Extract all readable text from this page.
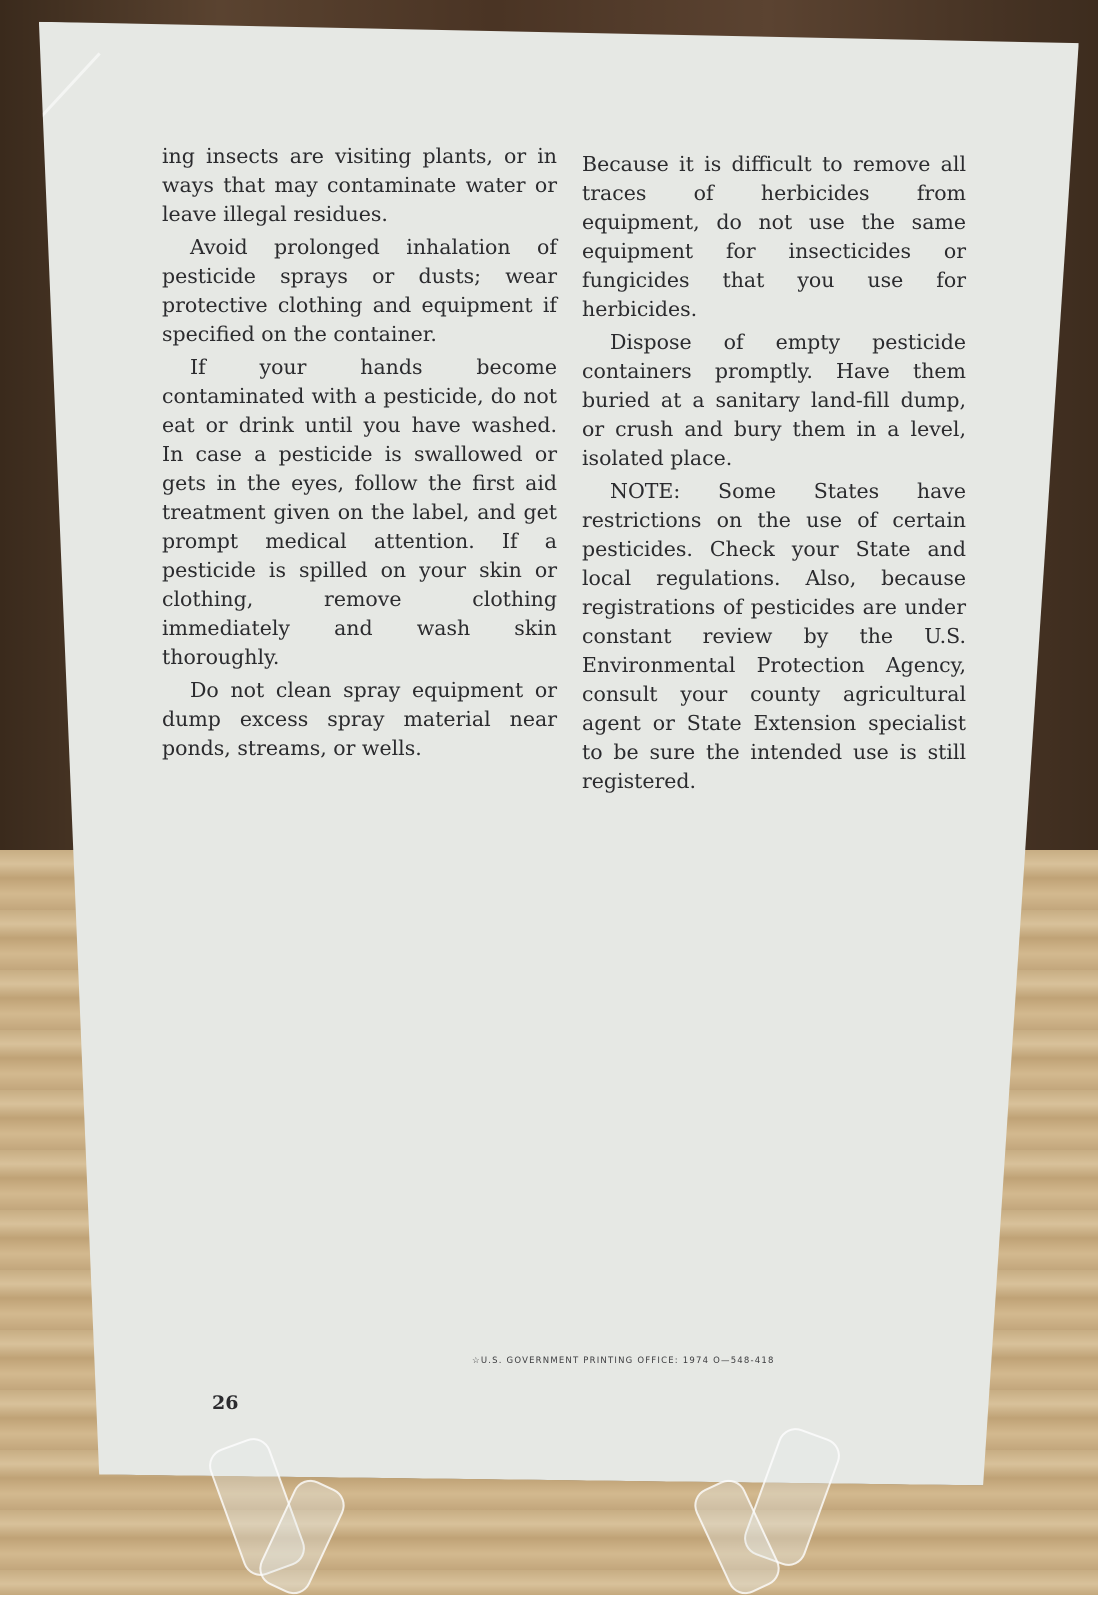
ing insects are visiting plants, or in ways that may contaminate water or leave illegal residues.

Avoid prolonged inhalation of pesticide sprays or dusts; wear protective clothing and equipment if specified on the container.

If your hands become contaminated with a pesticide, do not eat or drink until you have washed. In case a pesticide is swallowed or gets in the eyes, follow the first aid treatment given on the label, and get prompt medical attention. If a pesticide is spilled on your skin or clothing, remove clothing immediately and wash skin thoroughly.

Do not clean spray equipment or dump excess spray material near ponds, streams, or wells.

Because it is difficult to remove all traces of herbicides from equipment, do not use the same equipment for insecticides or fungicides that you use for herbicides.

Dispose of empty pesticide containers promptly. Have them buried at a sanitary land-fill dump, or crush and bury them in a level, isolated place.

NOTE: Some States have restrictions on the use of certain pesticides. Check your State and local regulations. Also, because registrations of pesticides are under constant review by the U.S. Environmental Protection Agency, consult your county agricultural agent or State Extension specialist to be sure the intended use is still registered.

☆U.S. GOVERNMENT PRINTING OFFICE: 1974 O—548-418
26
